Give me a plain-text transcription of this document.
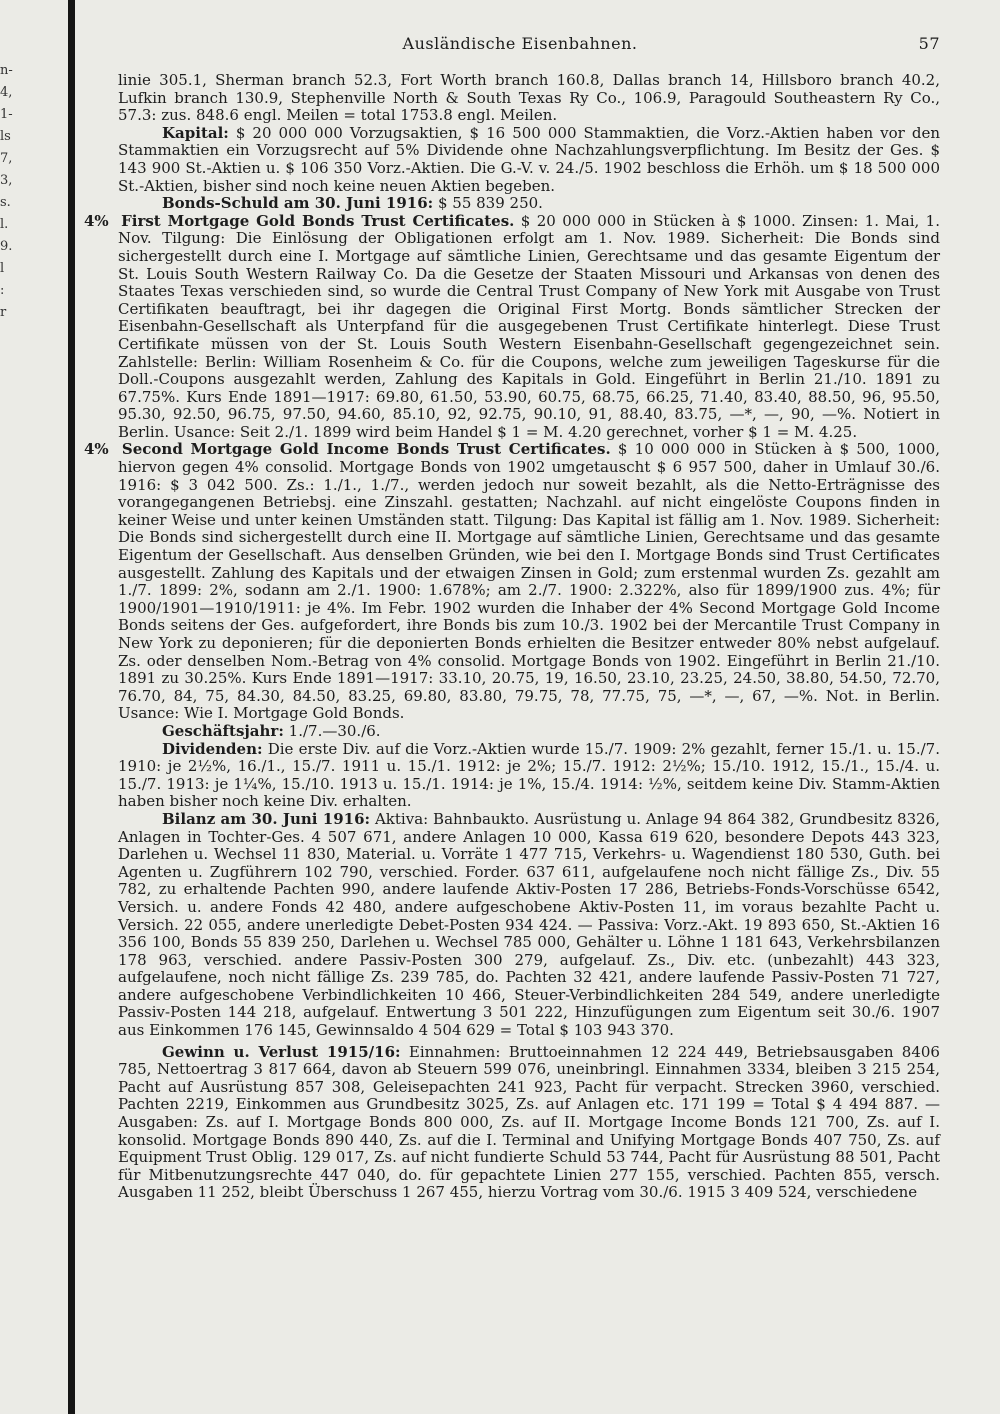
n-
4,
1-
ls
7,
3,
s.
l.
9.
l
:
r
Ausländische Eisenbahnen.	57

linie 305.1, Sherman branch 52.3, Fort Worth branch 160.8, Dallas branch 14, Hillsboro branch 40.2, Lufkin branch 130.9, Stephenville North & South Texas Ry Co., 106.9, Paragould Southeastern Ry Co., 57.3: zus. 848.6 engl. Meilen = total 1753.8 engl. Meilen.

Kapital: $ 20 000 000 Vorzugsaktien, $ 16 500 000 Stammaktien, die Vorz.-Aktien haben vor den Stammaktien ein Vorzugsrecht auf 5% Dividende ohne Nachzahlungsverpflichtung. Im Besitz der Ges. $ 143 900 St.-Aktien u. $ 106 350 Vorz.-Aktien. Die G.-V. v. 24./5. 1902 beschloss die Erhöh. um $ 18 500 000 St.-Aktien, bisher sind noch keine neuen Aktien begeben.

Bonds-Schuld am 30. Juni 1916: $ 55 839 250.

4% First Mortgage Gold Bonds Trust Certificates. $ 20 000 000 in Stücken à $ 1000. Zinsen: 1. Mai, 1. Nov. Tilgung: Die Einlösung der Obligationen erfolgt am 1. Nov. 1989. Sicherheit: Die Bonds sind sichergestellt durch eine I. Mortgage auf sämtliche Linien, Gerechtsame und das gesamte Eigentum der St. Louis South Western Railway Co. Da die Gesetze der Staaten Missouri und Arkansas von denen des Staates Texas verschieden sind, so wurde die Central Trust Company of New York mit Ausgabe von Trust Certifikaten beauftragt, bei ihr dagegen die Original First Mortg. Bonds sämtlicher Strecken der Eisenbahn-Gesellschaft als Unterpfand für die ausgegebenen Trust Certifikate hinterlegt. Diese Trust Certifikate müssen von der St. Louis South Western Eisenbahn-Gesellschaft gegengezeichnet sein. Zahlstelle: Berlin: William Rosenheim & Co. für die Coupons, welche zum jeweiligen Tageskurse für die Doll.-Coupons ausgezahlt werden, Zahlung des Kapitals in Gold. Eingeführt in Berlin 21./10. 1891 zu 67.75%. Kurs Ende 1891—1917: 69.80, 61.50, 53.90, 60.75, 68.75, 66.25, 71.40, 83.40, 88.50, 96, 95.50, 95.30, 92.50, 96.75, 97.50, 94.60, 85.10, 92, 92.75, 90.10, 91, 88.40, 83.75, —*, —, 90, —%. Notiert in Berlin. Usance: Seit 2./1. 1899 wird beim Handel $ 1 = M. 4.20 gerechnet, vorher $ 1 = M. 4.25.

4% Second Mortgage Gold Income Bonds Trust Certificates. $ 10 000 000 in Stücken à $ 500, 1000, hiervon gegen 4% consolid. Mortgage Bonds von 1902 umgetauscht $ 6 957 500, daher in Umlauf 30./6. 1916: $ 3 042 500. Zs.: 1./1., 1./7., werden jedoch nur soweit bezahlt, als die Netto-Erträgnisse des vorangegangenen Betriebsj. eine Zinszahl. gestatten; Nachzahl. auf nicht eingelöste Coupons finden in keiner Weise und unter keinen Umständen statt. Tilgung: Das Kapital ist fällig am 1. Nov. 1989. Sicherheit: Die Bonds sind sichergestellt durch eine II. Mortgage auf sämtliche Linien, Gerechtsame und das gesamte Eigentum der Gesellschaft. Aus denselben Gründen, wie bei den I. Mortgage Bonds sind Trust Certificates ausgestellt. Zahlung des Kapitals und der etwaigen Zinsen in Gold; zum erstenmal wurden Zs. gezahlt am 1./7. 1899: 2%, sodann am 2./1. 1900: 1.678%; am 2./7. 1900: 2.322%, also für 1899/1900 zus. 4%; für 1900/1901—1910/1911: je 4%. Im Febr. 1902 wurden die Inhaber der 4% Second Mortgage Gold Income Bonds seitens der Ges. aufgefordert, ihre Bonds bis zum 10./3. 1902 bei der Mercantile Trust Company in New York zu deponieren; für die deponierten Bonds erhielten die Besitzer entweder 80% nebst aufgelauf. Zs. oder denselben Nom.-Betrag von 4% consolid. Mortgage Bonds von 1902. Eingeführt in Berlin 21./10. 1891 zu 30.25%. Kurs Ende 1891—1917: 33.10, 20.75, 19, 16.50, 23.10, 23.25, 24.50, 38.80, 54.50, 72.70, 76.70, 84, 75, 84.30, 84.50, 83.25, 69.80, 83.80, 79.75, 78, 77.75, 75, —*, —, 67, —%. Not. in Berlin. Usance: Wie I. Mortgage Gold Bonds.

Geschäftsjahr: 1./7.—30./6.

Dividenden: Die erste Div. auf die Vorz.-Aktien wurde 15./7. 1909: 2% gezahlt, ferner 15./1. u. 15./7. 1910: je 2½%, 16./1., 15./7. 1911 u. 15./1. 1912: je 2%; 15./7. 1912: 2½%; 15./10. 1912, 15./1., 15./4. u. 15./7. 1913: je 1¼%, 15./10. 1913 u. 15./1. 1914: je 1%, 15./4. 1914: ½%, seitdem keine Div. Stamm-Aktien haben bisher noch keine Div. erhalten.

Bilanz am 30. Juni 1916: Aktiva: Bahnbaukto. Ausrüstung u. Anlage 94 864 382, Grundbesitz 8326, Anlagen in Tochter-Ges. 4 507 671, andere Anlagen 10 000, Kassa 619 620, besondere Depots 443 323, Darlehen u. Wechsel 11 830, Material. u. Vorräte 1 477 715, Verkehrs- u. Wagendienst 180 530, Guth. bei Agenten u. Zugführern 102 790, verschied. Forder. 637 611, aufgelaufene noch nicht fällige Zs., Div. 55 782, zu erhaltende Pachten 990, andere laufende Aktiv-Posten 17 286, Betriebs-Fonds-Vorschüsse 6542, Versich. u. andere Fonds 42 480, andere aufgeschobene Aktiv-Posten 11, im voraus bezahlte Pacht u. Versich. 22 055, andere unerledigte Debet-Posten 934 424. — Passiva: Vorz.-Akt. 19 893 650, St.-Aktien 16 356 100, Bonds 55 839 250, Darlehen u. Wechsel 785 000, Gehälter u. Löhne 1 181 643, Verkehrsbilanzen 178 963, verschied. andere Passiv-Posten 300 279, aufgelauf. Zs., Div. etc. (unbezahlt) 443 323, aufgelaufene, noch nicht fällige Zs. 239 785, do. Pachten 32 421, andere laufende Passiv-Posten 71 727, andere aufgeschobene Verbindlichkeiten 10 466, Steuer-Verbindlichkeiten 284 549, andere unerledigte Passiv-Posten 144 218, aufgelauf. Entwertung 3 501 222, Hinzufügungen zum Eigentum seit 30./6. 1907 aus Einkommen 176 145, Gewinnsaldo 4 504 629 = Total $ 103 943 370.

Gewinn u. Verlust 1915/16: Einnahmen: Bruttoeinnahmen 12 224 449, Betriebsausgaben 8406 785, Nettoertrag 3 817 664, davon ab Steuern 599 076, uneinbringl. Einnahmen 3334, bleiben 3 215 254, Pacht auf Ausrüstung 857 308, Geleisepachten 241 923, Pacht für verpacht. Strecken 3960, verschied. Pachten 2219, Einkommen aus Grundbesitz 3025, Zs. auf Anlagen etc. 171 199 = Total $ 4 494 887. — Ausgaben: Zs. auf I. Mortgage Bonds 800 000, Zs. auf II. Mortgage Income Bonds 121 700, Zs. auf I. konsolid. Mortgage Bonds 890 440, Zs. auf die I. Terminal and Unifying Mortgage Bonds 407 750, Zs. auf Equipment Trust Oblig. 129 017, Zs. auf nicht fundierte Schuld 53 744, Pacht für Ausrüstung 88 501, Pacht für Mitbenutzungsrechte 447 040, do. für gepachtete Linien 277 155, verschied. Pachten 855, versch. Ausgaben 11 252, bleibt Überschuss 1 267 455, hierzu Vortrag vom 30./6. 1915 3 409 524, verschiedene
